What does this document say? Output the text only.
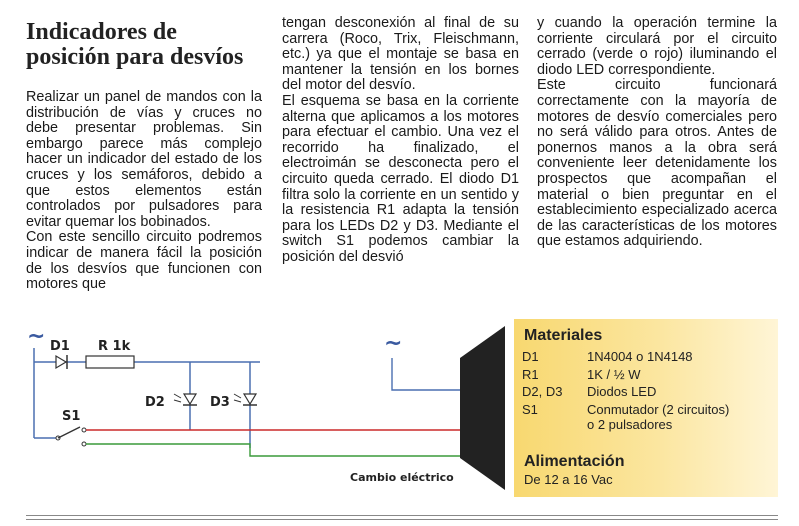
Indicadores de
posición para desvíos

Realizar un panel de mandos con la distribución de vías y cruces no debe presentar problemas. Sin embargo parece más complejo hacer un indicador del estado de los cruces y los semáforos, debido a que estos elementos están controlados por pulsadores para evitar quemar los bobinados.

Con este sencillo circuito podremos indicar de manera fácil la posición de los desvíos que funcionen con motores que

tengan desconexión al final de su carrera (Roco, Trix, Fleischmann, etc.) ya que el montaje se basa en mantener la tensión en los bornes del motor del desvío.

El esquema se basa en la corriente alterna que aplicamos a los motores para efectuar el cambio. Una vez el recorrido ha finalizado, el electroimán se desconecta pero el circuito queda cerrado. El diodo D1 filtra solo la corriente en un sentido y la resistencia R1 adapta la tensión para los LEDs D2 y D3. Mediante el switch S1 podemos cambiar la posición del desvió

y cuando la operación termine la corriente circulará por el circuito cerrado (verde o rojo) iluminando el diodo LED correspondiente.

Este circuito funcionará correctamente con la mayoría de motores de desvío comerciales pero no será válido para otros. Antes de ponernos manos a la obra será conveniente leer detenidamente los prospectos que acompañan el material o bien preguntar en el establecimiento especializado acerca de las características de los motores que estamos adquiriendo.

~ D1 R 1k
D2	D3
S1
~
Cambio eléctrico
Materiales
D1	1N4004 o 1N4148
R1	1K / ½ W
D2, D3 Diodos LED
S1	Conmutador (2 circuitos)
o 2 pulsadores
Alimentación
De 12 a 16 Vac
